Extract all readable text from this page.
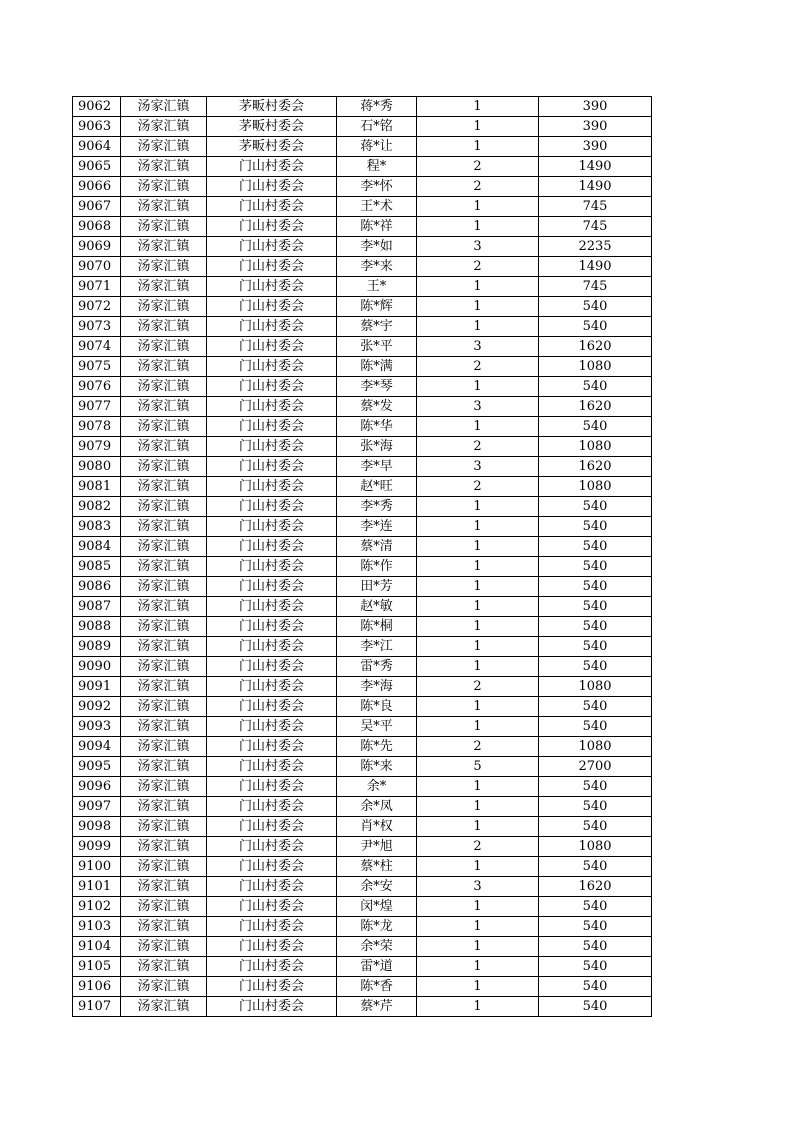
9062	汤家汇镇	茅畈村委会	蒋*秀	1	390
9063	汤家汇镇	茅畈村委会	石*铭	1	390
9064	汤家汇镇	茅畈村委会	蒋*让	1	390
9065	汤家汇镇	门山村委会	程*	2	1490
9066	汤家汇镇	门山村委会	李*怀	2	1490
9067	汤家汇镇	门山村委会	王*术	1	745
9068	汤家汇镇	门山村委会	陈*祥	1	745
9069	汤家汇镇	门山村委会	李*如	3	2235
9070	汤家汇镇	门山村委会	李*来	2	1490
9071	汤家汇镇	门山村委会	王*	1	745
9072	汤家汇镇	门山村委会	陈*辉	1	540
9073	汤家汇镇	门山村委会	蔡*宇	1	540
9074	汤家汇镇	门山村委会	张*平	3	1620
9075	汤家汇镇	门山村委会	陈*满	2	1080
9076	汤家汇镇	门山村委会	李*琴	1	540
9077	汤家汇镇	门山村委会	蔡*发	3	1620
9078	汤家汇镇	门山村委会	陈*华	1	540
9079	汤家汇镇	门山村委会	张*海	2	1080
9080	汤家汇镇	门山村委会	李*早	3	1620
9081	汤家汇镇	门山村委会	赵*旺	2	1080
9082	汤家汇镇	门山村委会	李*秀	1	540
9083	汤家汇镇	门山村委会	李*连	1	540
9084	汤家汇镇	门山村委会	蔡*清	1	540
9085	汤家汇镇	门山村委会	陈*作	1	540
9086	汤家汇镇	门山村委会	田*芳	1	540
9087	汤家汇镇	门山村委会	赵*敏	1	540
9088	汤家汇镇	门山村委会	陈*桐	1	540
9089	汤家汇镇	门山村委会	李*江	1	540
9090	汤家汇镇	门山村委会	雷*秀	1	540
9091	汤家汇镇	门山村委会	李*海	2	1080
9092	汤家汇镇	门山村委会	陈*良	1	540
9093	汤家汇镇	门山村委会	吴*平	1	540
9094	汤家汇镇	门山村委会	陈*先	2	1080
9095	汤家汇镇	门山村委会	陈*来	5	2700
9096	汤家汇镇	门山村委会	余*	1	540
9097	汤家汇镇	门山村委会	余*凤	1	540
9098	汤家汇镇	门山村委会	肖*权	1	540
9099	汤家汇镇	门山村委会	尹*旭	2	1080
9100	汤家汇镇	门山村委会	蔡*柱	1	540
9101	汤家汇镇	门山村委会	余*安	3	1620
9102	汤家汇镇	门山村委会	闵*煌	1	540
9103	汤家汇镇	门山村委会	陈*龙	1	540
9104	汤家汇镇	门山村委会	余*荣	1	540
9105	汤家汇镇	门山村委会	雷*道	1	540
9106	汤家汇镇	门山村委会	陈*香	1	540
9107	汤家汇镇	门山村委会	蔡*芹	1	540
